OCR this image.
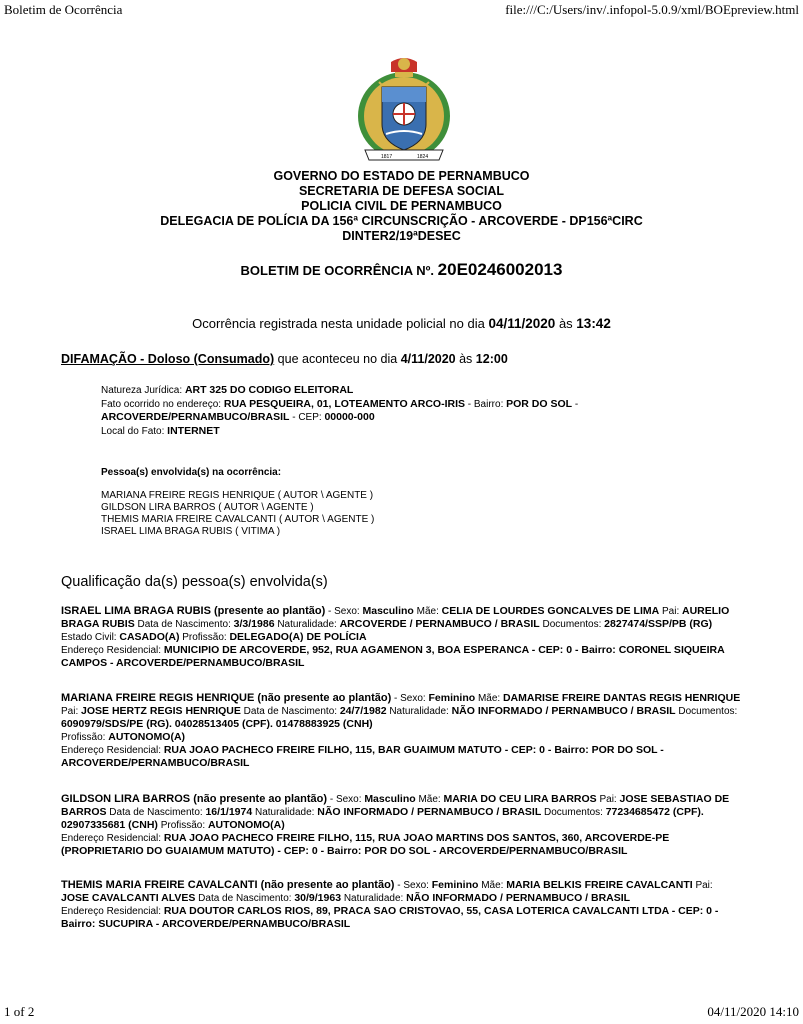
Boletim de Ocorrência	file:///C:/Users/inv/.infopol-5.0.9/xml/BOEpreview.html
1817	1824
GOVERNO DO ESTADO DE PERNAMBUCO
SECRETARIA DE DEFESA SOCIAL
POLICIA CIVIL DE PERNAMBUCO
DELEGACIA DE POLÍCIA DA 156ª CIRCUNSCRIÇÃO - ARCOVERDE - DP156ªCIRC
DINTER2/19ªDESEC
BOLETIM DE OCORRÊNCIA Nº. 20E0246002013
Ocorrência registrada nesta unidade policial no dia 04/11/2020 às 13:42
DIFAMAÇÃO - Doloso (Consumado) que aconteceu no dia 4/11/2020 às 12:00
Natureza Jurídica: ART 325 DO CODIGO ELEITORAL
Fato ocorrido no endereço: RUA PESQUEIRA, 01, LOTEAMENTO ARCO-IRIS - Bairro: POR DO SOL - ARCOVERDE/PERNAMBUCO/BRASIL - CEP: 00000-000
Local do Fato: INTERNET
Pessoa(s) envolvida(s) na ocorrência:
MARIANA FREIRE REGIS HENRIQUE ( AUTOR \ AGENTE )
GILDSON LIRA BARROS ( AUTOR \ AGENTE )
THEMIS MARIA FREIRE CAVALCANTI ( AUTOR \ AGENTE )
ISRAEL LIMA BRAGA RUBIS ( VITIMA )
Qualificação da(s) pessoa(s) envolvida(s)
ISRAEL LIMA BRAGA RUBIS (presente ao plantão) - Sexo: Masculino Mãe: CELIA DE LOURDES GONCALVES DE LIMA Pai: AURELIO BRAGA RUBIS Data de Nascimento: 3/3/1986 Naturalidade: ARCOVERDE / PERNAMBUCO / BRASIL Documentos: 2827474/SSP/PB (RG) Estado Civil: CASADO(A) Profissão: DELEGADO(A) DE POLÍCIA
Endereço Residencial: MUNICIPIO DE ARCOVERDE, 952, RUA AGAMENON 3, BOA ESPERANCA - CEP: 0 - Bairro: CORONEL SIQUEIRA CAMPOS - ARCOVERDE/PERNAMBUCO/BRASIL
MARIANA FREIRE REGIS HENRIQUE (não presente ao plantão) - Sexo: Feminino Mãe: DAMARISE FREIRE DANTAS REGIS HENRIQUE Pai: JOSE HERTZ REGIS HENRIQUE Data de Nascimento: 24/7/1982 Naturalidade: NÃO INFORMADO / PERNAMBUCO / BRASIL Documentos: 6090979/SDS/PE (RG). 04028513405 (CPF). 01478883925 (CNH)
Profissão: AUTONOMO(A)
Endereço Residencial: RUA JOAO PACHECO FREIRE FILHO, 115, BAR GUAIMUM MATUTO - CEP: 0 - Bairro: POR DO SOL - ARCOVERDE/PERNAMBUCO/BRASIL
GILDSON LIRA BARROS (não presente ao plantão) - Sexo: Masculino Mãe: MARIA DO CEU LIRA BARROS Pai: JOSE SEBASTIAO DE BARROS Data de Nascimento: 16/1/1974 Naturalidade: NÃO INFORMADO / PERNAMBUCO / BRASIL Documentos: 77234685472 (CPF). 02907335681 (CNH) Profissão: AUTONOMO(A)
Endereço Residencial: RUA JOAO PACHECO FREIRE FILHO, 115, RUA JOAO MARTINS DOS SANTOS, 360, ARCOVERDE-PE (PROPRIETARIO DO GUAIAMUM MATUTO) - CEP: 0 - Bairro: POR DO SOL - ARCOVERDE/PERNAMBUCO/BRASIL
THEMIS MARIA FREIRE CAVALCANTI (não presente ao plantão) - Sexo: Feminino Mãe: MARIA BELKIS FREIRE CAVALCANTI Pai: JOSE CAVALCANTI ALVES Data de Nascimento: 30/9/1963 Naturalidade: NÃO INFORMADO / PERNAMBUCO / BRASIL
Endereço Residencial: RUA DOUTOR CARLOS RIOS, 89, PRACA SAO CRISTOVAO, 55, CASA LOTERICA CAVALCANTI LTDA - CEP: 0 - Bairro: SUCUPIRA - ARCOVERDE/PERNAMBUCO/BRASIL
1 of 2	04/11/2020 14:10
